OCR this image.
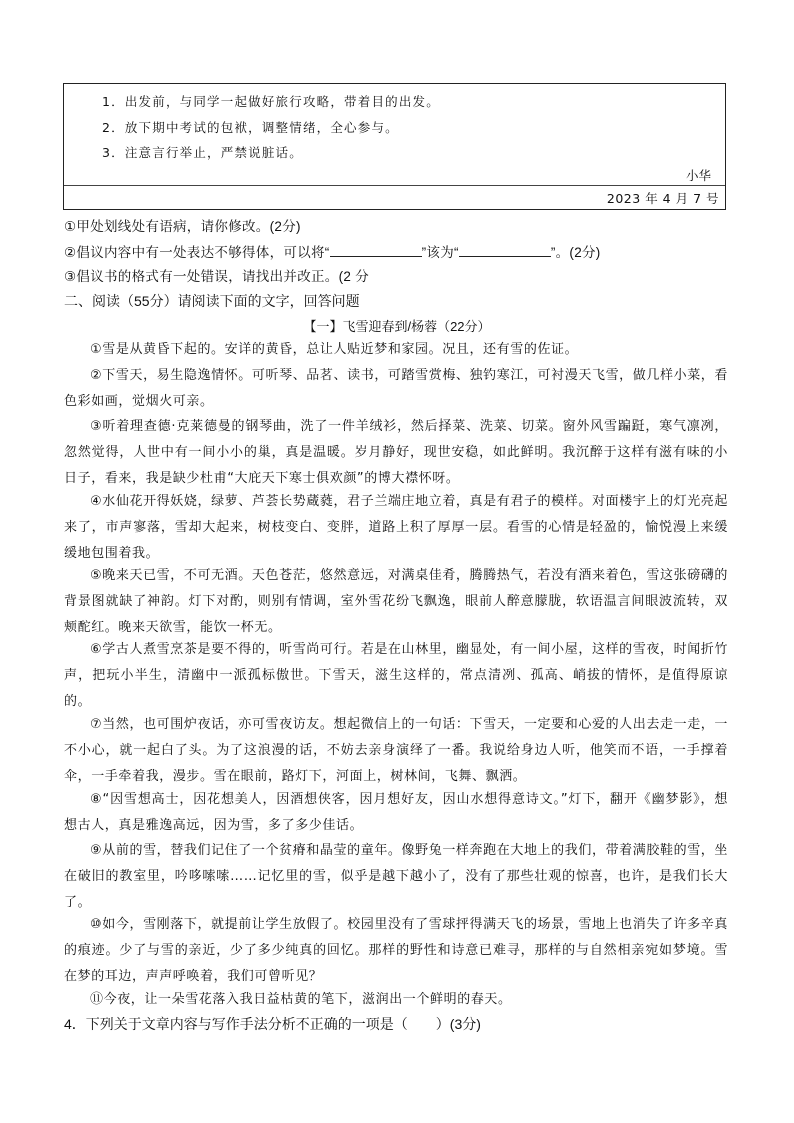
1．出发前，与同学一起做好旅行攻略，带着目的出发。
2．放下期中考试的包袱，调整情绪，全心参与。
3．注意言行举止，严禁说脏话。
小华
2023 年 4 月 7 号
①甲处划线处有语病，请你修改。(2分)
②倡议内容中有一处表达不够得体，可以将“	”该为“	”。(2分)
③倡议书的格式有一处错误，请找出并改正。(2 分
二、阅读（55分）请阅读下面的文字，回答问题
【一】飞雪迎春到/杨蓉（22分）
①雪是从黄昏下起的。安详的黄昏，总让人贴近梦和家园。况且，还有雪的佐证。
②下雪天，易生隐逸情怀。可听琴、品茗、读书，可踏雪赏梅、独钓寒江，可衬漫天飞雪，做几样小菜，看色彩如画，觉烟火可亲。
③听着理查德·克莱德曼的钢琴曲，洗了一件羊绒衫，然后择菜、洗菜、切菜。窗外风雪蹁跹，寒气凛冽，忽然觉得，人世中有一间小小的巢，真是温暖。岁月静好，现世安稳，如此鲜明。我沉醉于这样有滋有味的小日子，看来，我是缺少杜甫“大庇天下寒士俱欢颜”的博大襟怀呀。
④水仙花开得妖娆，绿萝、芦荟长势蔵蕤，君子兰端庄地立着，真是有君子的模样。对面楼宇上的灯光亮起来了，市声寥落，雪却大起来，树枝变白、变胖，道路上积了厚厚一层。看雪的心情是轻盈的，愉悦漫上来缓缓地包围着我。
⑤晚来天已雪，不可无酒。天色苍茫，悠然意远，对满桌佳肴，腾腾热气，若没有酒来着色，雪这张磅礴的背景图就缺了神韵。灯下对酌，则别有情调，室外雪花纷飞飘逸，眼前人醉意朦胧，软语温言间眼波流转，双颊酡红。晚来天欲雪，能饮一杯无。
⑥学古人煮雪烹茶是要不得的，听雪尚可行。若是在山林里，幽显处，有一间小屋，这样的雪夜，时闻折竹声，把玩小半生，清幽中一派孤标傲世。下雪天，滋生这样的，常点清冽、孤高、峭拔的情怀，是值得原谅的。
⑦当然，也可围炉夜话，亦可雪夜访友。想起微信上的一句话：下雪天，一定要和心爱的人出去走一走，一不小心，就一起白了头。为了这浪漫的话，不妨去亲身演绎了一番。我说给身边人听，他笑而不语，一手撑着伞，一手牵着我，漫步。雪在眼前，路灯下，河面上，树林间，飞舞、飘洒。
⑧“因雪想高士，因花想美人，因酒想侠客，因月想好友，因山水想得意诗文。”灯下，翻开《幽梦影》，想想古人，真是雅逸高远，因为雪，多了多少佳话。
⑨从前的雪，替我们记住了一个贫瘠和晶莹的童年。像野兔一样奔跑在大地上的我们，带着满胶鞋的雪，坐在破旧的教室里，吟哆嗦嗦……记忆里的雪，似乎是越下越小了，没有了那些壮观的惊喜，也许，是我们长大了。
⑩如今，雪刚落下，就提前让学生放假了。校园里没有了雪球抨得满天飞的场景，雪地上也消失了许多辛真的痕迹。少了与雪的亲近，少了多少纯真的回忆。那样的野性和诗意已难寻，那样的与自然相亲宛如梦境。雪在梦的耳边，声声呼唤着，我们可曾听见？
⑪今夜，让一朵雪花落入我日益枯黄的笔下，滋润出一个鲜明的春天。
4．下列关于文章内容与写作手法分析不正确的一项是（　　）(3分)
